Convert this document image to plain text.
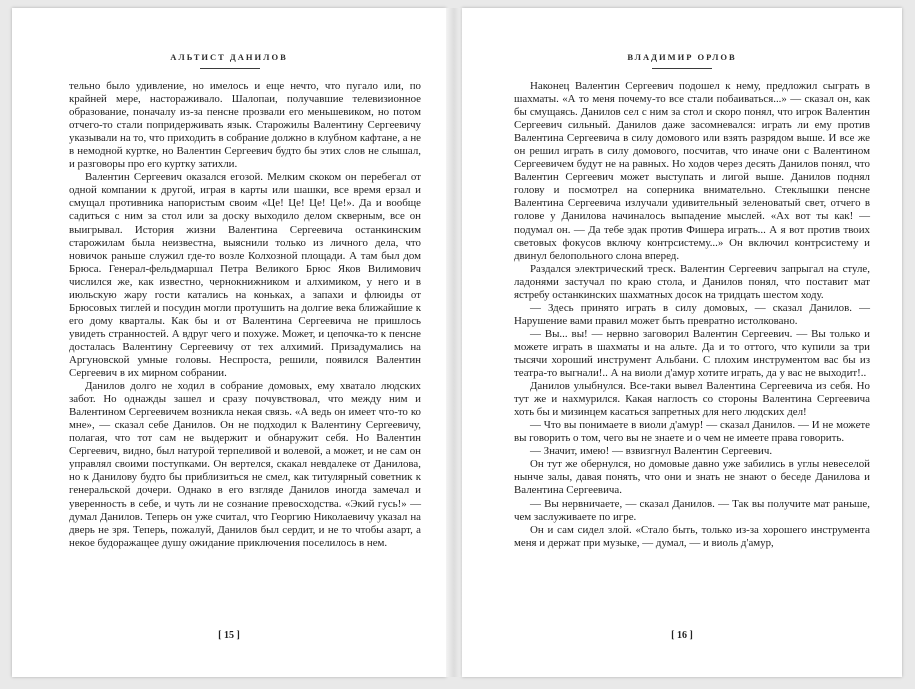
АЛЬТИСТ ДАНИЛОВ

тельно было удивление, но имелось и еще нечто, что пугало или, по крайней мере, настораживало. Шалопаи, получавшие телевизионное образование, поначалу из-за пенсне прозвали его меньшевиком, но потом отчего-то стали попридерживать язык. Старожилы Валентину Сергеевичу указывали на то, что приходить в собрание должно в клубном кафтане, а не в немодной куртке, но Валентин Сергеевич будто бы этих слов не слышал, и разговоры про его куртку затихли.

Валентин Сергеевич оказался егозой. Мелким скоком он перебегал от одной компании к другой, играя в карты или шашки, все время ерзал и смущал противника напористым своим «Це! Це! Це! Це!». Да и вообще садиться с ним за стол или за доску выходило делом скверным, все он выигрывал. История жизни Валентина Сергеевича останкинским старожилам была неизвестна, выяснили только из личного дела, что новичок раньше служил где-то возле Колхозной площади. А там был дом Брюса. Генерал-фельдмаршал Петра Великого Брюс Яков Вилимович числился же, как известно, чернокнижником и алхимиком, у него и в июльскую жару гости катались на коньках, а запахи и флюиды от Брюсовых тиглей и посудин могли протушить на долгие века ближайшие к его дому кварталы. Как бы и от Валентина Сергеевича не пришлось увидеть странностей. А вдруг чего и похуже. Может, и цепочка-то к пенсне досталась Валентину Сергеевичу от тех алхимий. Призадумались на Аргуновской умные головы. Неспроста, решили, появился Валентин Сергеевич в их мирном собрании.

Данилов долго не ходил в собрание домовых, ему хватало людских забот. Но однажды зашел и сразу почувствовал, что между ним и Валентином Сергеевичем возникла некая связь. «А ведь он имеет что-то ко мне», — сказал себе Данилов. Он не подходил к Валентину Сергеевичу, полагая, что тот сам не выдержит и обнаружит себя. Но Валентин Сергеевич, видно, был натурой терпеливой и волевой, а может, и не сам он управлял своими поступками. Он вертелся, скакал невдалеке от Данилова, но к Данилову будто бы приблизиться не смел, как титулярный советник к генеральской дочери. Однако в его взгляде Данилов иногда замечал и уверенность в себе, и чуть ли не сознание превосходства. «Экий гусь!» — думал Данилов. Теперь он уже считал, что Георгию Николаевичу указал на дверь не зря. Теперь, пожалуй, Данилов был сердит, и не то чтобы азарт, а некое будоражащее душу ожидание приключения поселилось в нем.

[ 15 ]
ВЛАДИМИР ОРЛОВ

Наконец Валентин Сергеевич подошел к нему, предложил сыграть в шахматы. «А то меня почему-то все стали побаиваться...» — сказал он, как бы смущаясь. Данилов сел с ним за стол и скоро понял, что игрок Валентин Сергеевич сильный. Данилов даже засомневался: играть ли ему против Валентина Сергеевича в силу домового или взять разрядом выше. И все же он решил играть в силу домового, посчитав, что иначе они с Валентином Сергеевичем будут не на равных. Но ходов через десять Данилов понял, что Валентин Сергеевич может выступать и лигой выше. Данилов поднял голову и посмотрел на соперника внимательно. Стеклышки пенсне Валентина Сергеевича излучали удивительный зеленоватый свет, отчего в голове у Данилова начиналось выпадение мыслей. «Ах вот ты как! — подумал он. — Да тебе эдак против Фишера играть... А я вот против твоих световых фокусов включу контрсистему...» Он включил контрсистему и двинул белопольного слона вперед.

Раздался электрический треск. Валентин Сергеевич запрыгал на стуле, ладонями застучал по краю стола, и Данилов понял, что поставит мат ястребу останкинских шахматных досок на тридцать шестом ходу.

— Здесь принято играть в силу домовых, — сказал Данилов. — Нарушение вами правил может быть превратно истолковано.

— Вы... вы! — нервно заговорил Валентин Сергеевич. — Вы только и можете играть в шахматы и на альте. Да и то оттого, что купили за три тысячи хороший инструмент Альбани. С плохим инструментом вас бы из театра-то выгнали!.. А на виоли д'амур хотите играть, да у вас не выходит!..

Данилов улыбнулся. Все-таки вывел Валентина Сергеевича из себя. Но тут же и нахмурился. Какая наглость со стороны Валентина Сергеевича хоть бы и мизинцем касаться запретных для него людских дел!

— Что вы понимаете в виоли д'амур! — сказал Данилов. — И не можете вы говорить о том, чего вы не знаете и о чем не имеете права говорить.

— Значит, имею! — взвизгнул Валентин Сергеевич.

Он тут же обернулся, но домовые давно уже забились в углы невеселой нынче залы, давая понять, что они и знать не знают о беседе Данилова и Валентина Сергеевича.

— Вы нервничаете, — сказал Данилов. — Так вы получите мат раньше, чем заслуживаете по игре.

Он и сам сидел злой. «Стало быть, только из-за хорошего инструмента меня и держат при музыке, — думал, — и виоль д'амур,

[ 16 ]
